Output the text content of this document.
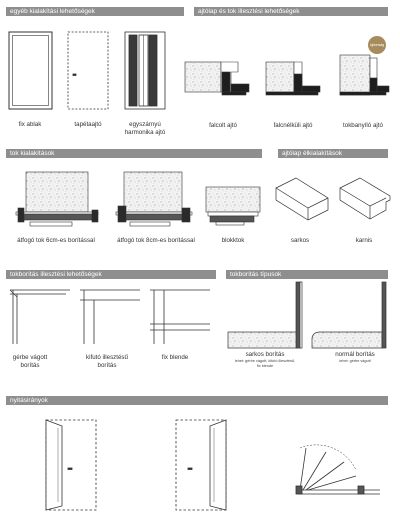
egyéb kialakítási lehetőségek	ajtólap és tok illesztési lehetőségek
tok kialakítások	ajtólap élkialakítások
tokborítás illesztési lehetőségek	tokborítás típusok
nyitásirányok
újdonság
fix ablak	tapétaajtó	egyszárnyú
harmonika ajtó
falcolt ajtó	falcnélküli ajtó	tokbanyíló ajtó
átfogó tok 6cm-es borítással	átfogó tok 8cm-es borítással	blokktok	sarkos	karnis
gérbe vágott
borítás
kifutó illesztésű
borítás
fix blende	sarkos borítás
lehet: gérbe vágott, kifutó illesztésű,
fix blende
normál borítás
lehet: gérbe vágott
